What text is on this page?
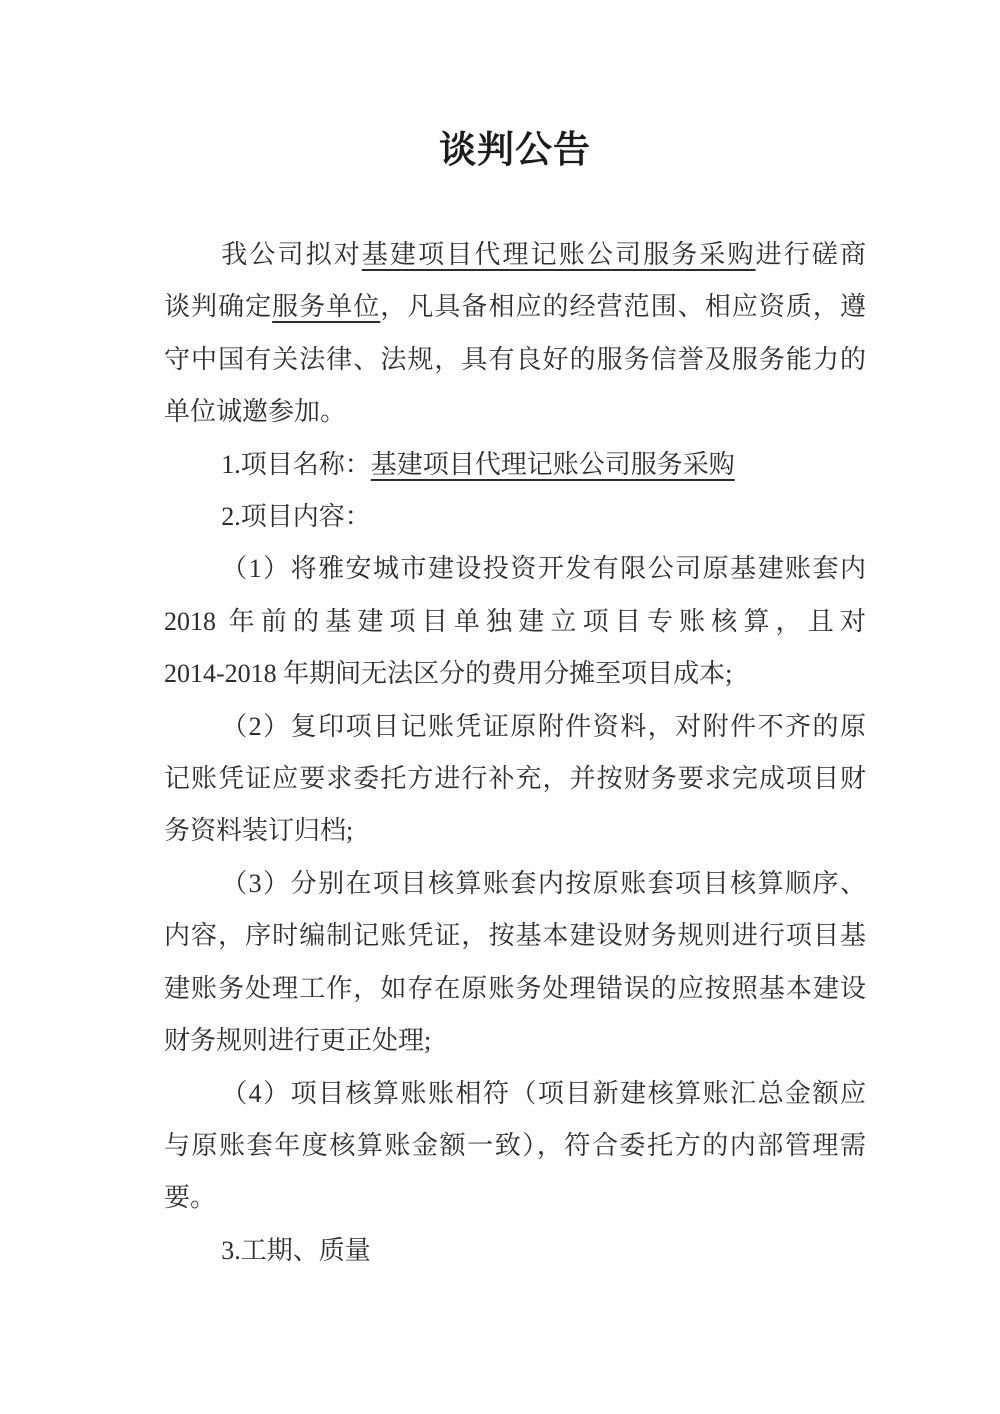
谈判公告
我公司拟对基建项目代理记账公司服务采购进行磋商
谈判确定服务单位，凡具备相应的经营范围、相应资质，遵
守中国有关法律、法规，具有良好的服务信誉及服务能力的
单位诚邀参加。
1.项目名称：基建项目代理记账公司服务采购
2.项目内容：
（1）将雅安城市建设投资开发有限公司原基建账套内
2018 年前的基建项目单独建立项目专账核算，且对
2014-2018 年期间无法区分的费用分摊至项目成本;
（2）复印项目记账凭证原附件资料，对附件不齐的原
记账凭证应要求委托方进行补充，并按财务要求完成项目财
务资料装订归档;
（3）分别在项目核算账套内按原账套项目核算顺序、
内容，序时编制记账凭证，按基本建设财务规则进行项目基
建账务处理工作，如存在原账务处理错误的应按照基本建设
财务规则进行更正处理;
（4）项目核算账账相符（项目新建核算账汇总金额应
与原账套年度核算账金额一致），符合委托方的内部管理需
要。
3.工期、质量
